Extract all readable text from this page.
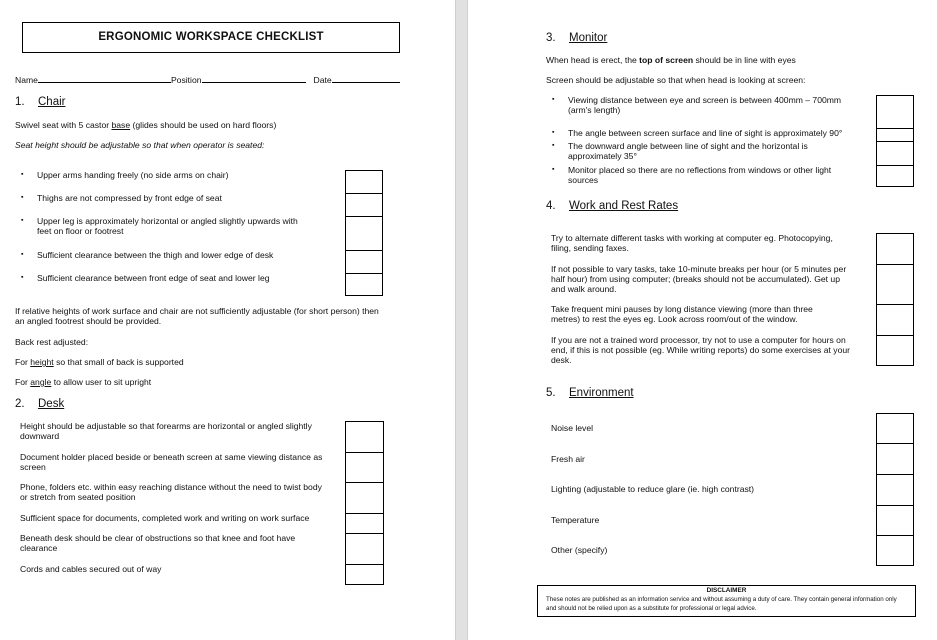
ERGONOMIC WORKSPACE CHECKLIST
Name	Position	Date
1. Chair
Swivel seat with 5 castor base (glides should be used on hard floors)
Seat height should be adjustable so that when operator is seated:
▪ Upper arms handing freely (no side arms on chair)
▪ Thighs are not compressed by front edge of seat
▪ Upper leg is approximately horizontal or angled slightly upwards with feet on floor or footrest
▪ Sufficient clearance between the thigh and lower edge of desk
▪ Sufficient clearance between front edge of seat and lower leg
If relative heights of work surface and chair are not sufficiently adjustable (for short person) then an angled footrest should be provided.
Back rest adjusted:
For height so that small of back is supported
For angle to allow user to sit upright
2. Desk
Height should be adjustable so that forearms are horizontal or angled slightly downward
Document holder placed beside or beneath screen at same viewing distance as screen
Phone, folders etc. within easy reaching distance without the need to twist body or stretch from seated position
Sufficient space for documents, completed work and writing on work surface
Beneath desk should be clear of obstructions so that knee and foot have clearance
Cords and cables secured out of way
3. Monitor
When head is erect, the top of screen should be in line with eyes
Screen should be adjustable so that when head is looking at screen:
▪ Viewing distance between eye and screen is between 400mm – 700mm (arm's length)
▪ The angle between screen surface and line of sight is approximately 90°
▪ The downward angle between line of sight and the horizontal is approximately 35°
▪ Monitor placed so there are no reflections from windows or other light sources
4. Work and Rest Rates
Try to alternate different tasks with working at computer eg. Photocopying, filing, sending faxes.
If not possible to vary tasks, take 10-minute breaks per hour (or 5 minutes per half hour) from using computer; (breaks should not be accumulated). Get up and walk around.
Take frequent mini pauses by long distance viewing (more than three metres) to rest the eyes eg. Look across room/out of the window.
If you are not a trained word processor, try not to use a computer for hours on end, if this is not possible (eg. While writing reports) do some exercises at your desk.
5. Environment
Noise level
Fresh air
Lighting (adjustable to reduce glare (ie. high contrast)
Temperature
Other (specify)
DISCLAIMER
These notes are published as an information service and without assuming a duty of care. They contain general information only and should not be relied upon as a substitute for professional or legal advice.
